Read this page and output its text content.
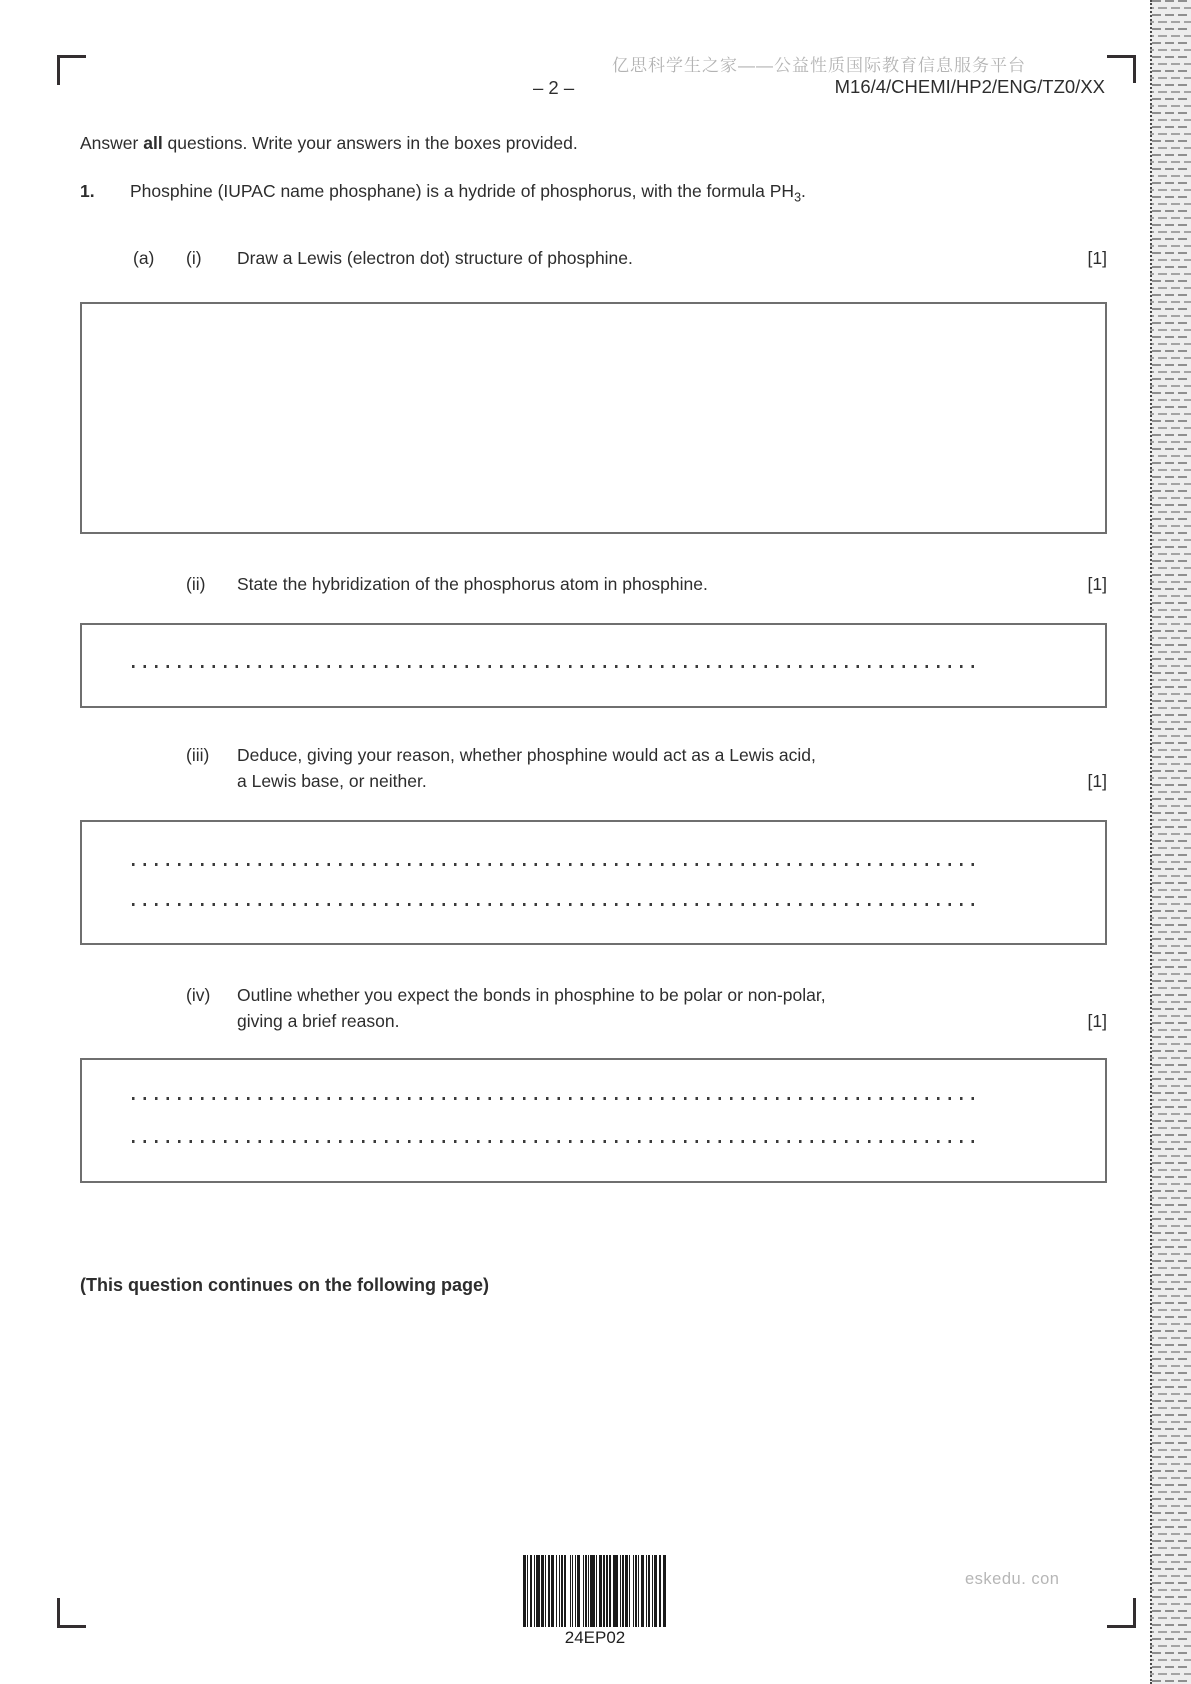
亿思科学生之家——公益性质国际教育信息服务平台
– 2 –	M16/4/CHEMI/HP2/ENG/TZ0/XX
Answer all questions. Write your answers in the boxes provided.
1.	Phosphine (IUPAC name phosphane) is a hydride of phosphorus, with the formula $PH_3$.
(a)	(i)	Draw a Lewis (electron dot) structure of phosphine.	[1]
(ii)	State the hybridization of the phosphorus atom in phosphine.	[1]
(iii)	Deduce, giving your reason, whether phosphine would act as a Lewis acid,
a Lewis base, or neither.	[1]
(iv)	Outline whether you expect the bonds in phosphine to be polar or non-polar,
giving a brief reason.	[1]
(This question continues on the following page)
24EP02
eskedu. con
